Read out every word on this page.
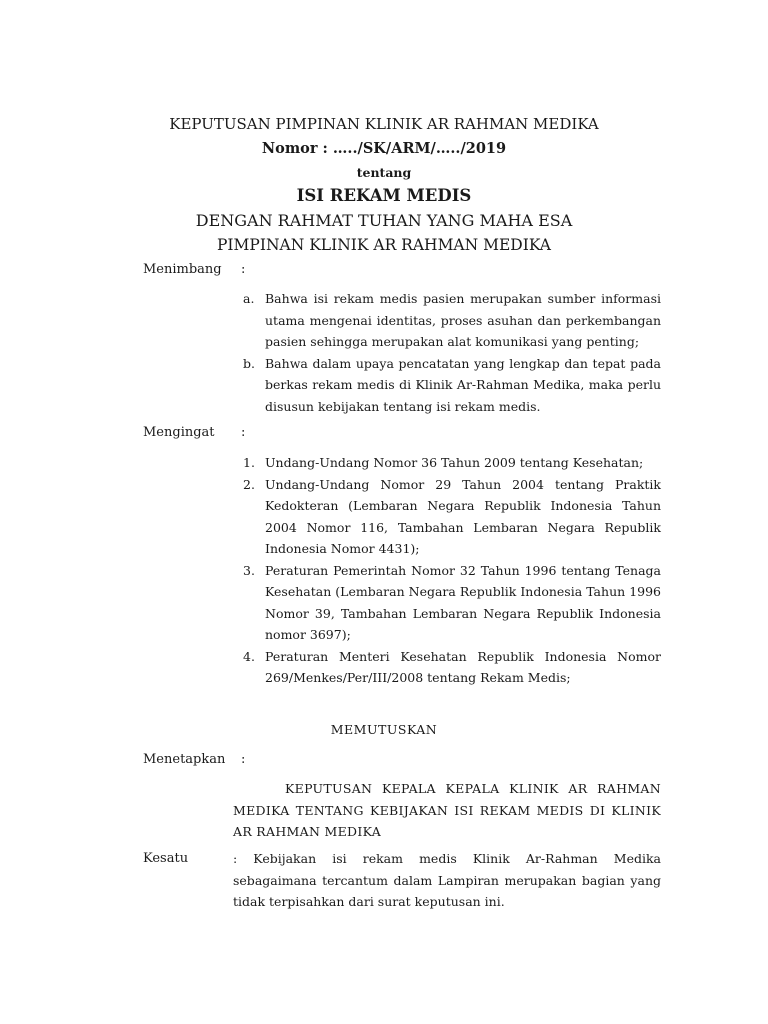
KEPUTUSAN PIMPINAN KLINIK AR RAHMAN MEDIKA
Nomor : …../SK/ARM/…../2019
tentang
ISI REKAM MEDIS
DENGAN RAHMAT TUHAN YANG MAHA ESA
PIMPINAN KLINIK AR RAHMAN MEDIKA
Menimbang :
a. Bahwa isi rekam medis pasien merupakan sumber informasi utama mengenai identitas, proses asuhan dan perkembangan pasien sehingga merupakan alat komunikasi yang penting;
b. Bahwa dalam upaya pencatatan yang lengkap dan tepat pada berkas rekam medis di Klinik Ar-Rahman Medika, maka perlu disusun kebijakan tentang isi rekam medis.
Mengingat :
1. Undang-Undang Nomor 36 Tahun 2009 tentang Kesehatan;
2. Undang-Undang Nomor 29 Tahun 2004 tentang Praktik Kedokteran (Lembaran Negara Republik Indonesia Tahun 2004 Nomor 116, Tambahan Lembaran Negara Republik Indonesia Nomor 4431);
3. Peraturan Pemerintah Nomor 32 Tahun 1996 tentang Tenaga Kesehatan (Lembaran Negara Republik Indonesia Tahun 1996 Nomor 39, Tambahan Lembaran Negara Republik Indonesia nomor 3697);
4. Peraturan Menteri Kesehatan Republik Indonesia Nomor 269/Menkes/Per/III/2008 tentang Rekam Medis;
MEMUTUSKAN
Menetapkan :
KEPUTUSAN KEPALA KEPALA KLINIK AR RAHMAN MEDIKA TENTANG KEBIJAKAN ISI REKAM MEDIS DI KLINIK AR RAHMAN MEDIKA
Kesatu	: Kebijakan isi rekam medis Klinik Ar-Rahman Medika sebagaimana tercantum dalam Lampiran merupakan bagian yang tidak terpisahkan dari surat keputusan ini.
